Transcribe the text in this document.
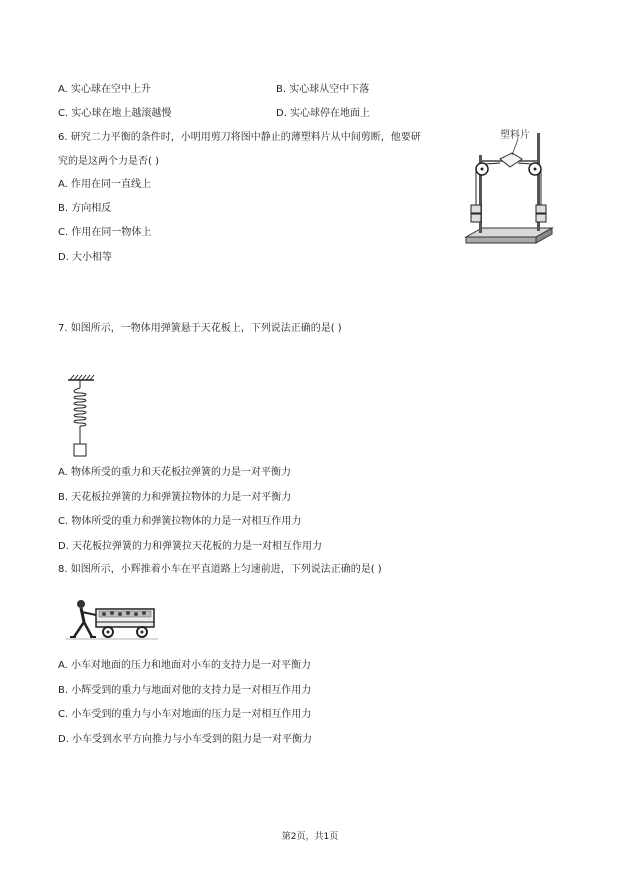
A. 实心球在空中上升	B. 实心球从空中下落
C. 实心球在地上越滚越慢	D. 实心球停在地面上
6. 研究二力平衡的条件时，小明用剪刀将图中静止的薄塑料片从中间剪断，他要研
究的是这两个力是否( )
A. 作用在同一直线上
B. 方向相反
C. 作用在同一物体上
D. 大小相等
塑料片
7. 如图所示，一物体用弹簧悬于天花板上，下列说法正确的是( )
A. 物体所受的重力和天花板拉弹簧的力是一对平衡力
B. 天花板拉弹簧的力和弹簧拉物体的力是一对平衡力
C. 物体所受的重力和弹簧拉物体的力是一对相互作用力
D. 天花板拉弹簧的力和弹簧拉天花板的力是一对相互作用力
8. 如图所示，小辉推着小车在平直道路上匀速前进，下列说法正确的是( )
A. 小车对地面的压力和地面对小车的支持力是一对平衡力
B. 小辉受到的重力与地面对他的支持力是一对相互作用力
C. 小车受到的重力与小车对地面的压力是一对相互作用力
D. 小车受到水平方向推力与小车受到的阻力是一对平衡力
第2页，共1页
